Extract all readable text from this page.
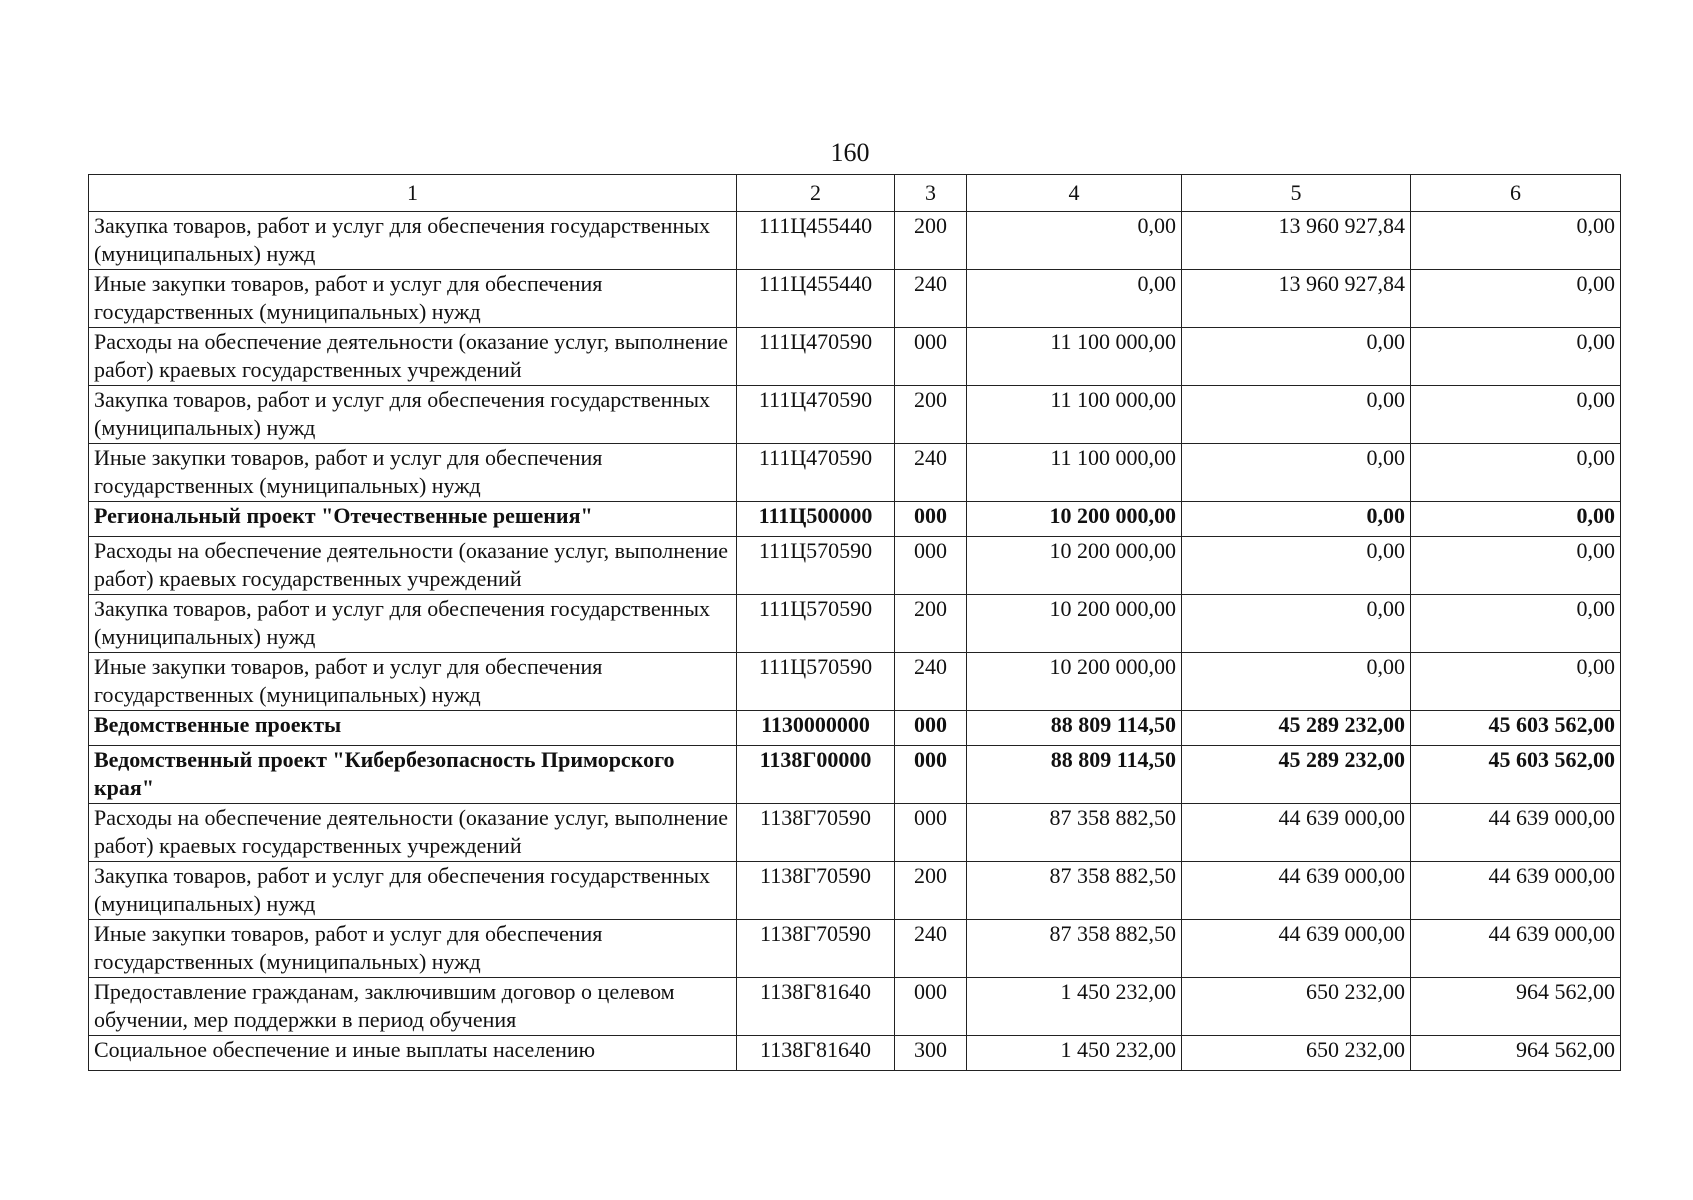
160
1	2	3	4	5	6
Закупка товаров, работ и услуг для обеспечения государственных (муниципальных) нужд	111Ц455440	200	0,00	13 960 927,84	0,00
Иные закупки товаров, работ и услуг для обеспечения государственных (муниципальных) нужд	111Ц455440	240	0,00	13 960 927,84	0,00
Расходы на обеспечение деятельности (оказание услуг, выполнение работ) краевых государственных учреждений	111Ц470590	000	11 100 000,00	0,00	0,00
Закупка товаров, работ и услуг для обеспечения государственных (муниципальных) нужд	111Ц470590	200	11 100 000,00	0,00	0,00
Иные закупки товаров, работ и услуг для обеспечения государственных (муниципальных) нужд	111Ц470590	240	11 100 000,00	0,00	0,00
Региональный проект "Отечественные решения"	111Ц500000	000	10 200 000,00	0,00	0,00
Расходы на обеспечение деятельности (оказание услуг, выполнение работ) краевых государственных учреждений	111Ц570590	000	10 200 000,00	0,00	0,00
Закупка товаров, работ и услуг для обеспечения государственных (муниципальных) нужд	111Ц570590	200	10 200 000,00	0,00	0,00
Иные закупки товаров, работ и услуг для обеспечения государственных (муниципальных) нужд	111Ц570590	240	10 200 000,00	0,00	0,00
Ведомственные проекты	1130000000	000	88 809 114,50	45 289 232,00	45 603 562,00
Ведомственный проект "Кибербезопасность Приморского края"	1138Г00000	000	88 809 114,50	45 289 232,00	45 603 562,00
Расходы на обеспечение деятельности (оказание услуг, выполнение работ) краевых государственных учреждений	1138Г70590	000	87 358 882,50	44 639 000,00	44 639 000,00
Закупка товаров, работ и услуг для обеспечения государственных (муниципальных) нужд	1138Г70590	200	87 358 882,50	44 639 000,00	44 639 000,00
Иные закупки товаров, работ и услуг для обеспечения государственных (муниципальных) нужд	1138Г70590	240	87 358 882,50	44 639 000,00	44 639 000,00
Предоставление гражданам, заключившим договор о целевом обучении, мер поддержки в период обучения	1138Г81640	000	1 450 232,00	650 232,00	964 562,00
Социальное обеспечение и иные выплаты населению	1138Г81640	300	1 450 232,00	650 232,00	964 562,00
